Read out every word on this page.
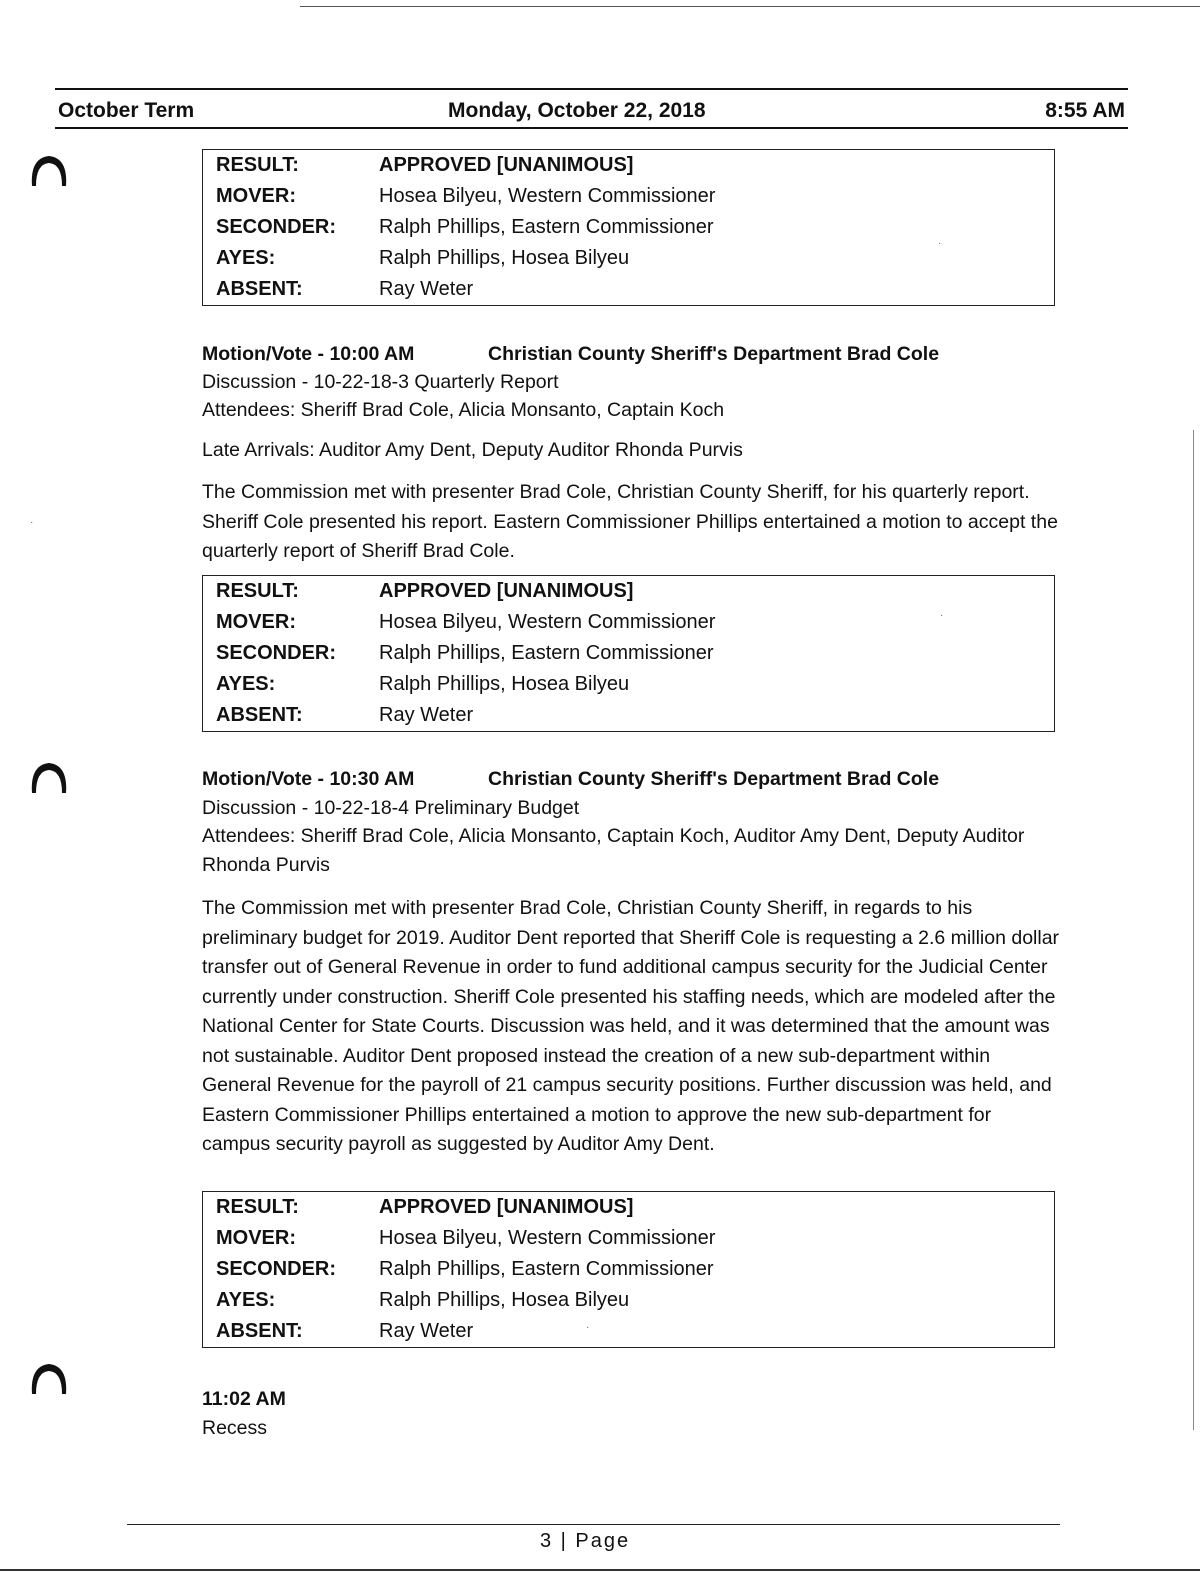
October Term	Monday, October 22, 2018	8:55 AM
RESULT:	APPROVED [UNANIMOUS]
MOVER:	Hosea Bilyeu, Western Commissioner
SECONDER: Ralph Phillips, Eastern Commissioner
AYES:	Ralph Phillips, Hosea Bilyeu
ABSENT:	Ray Weter
Motion/Vote - 10:00 AM	Christian County Sheriff's Department Brad Cole
Discussion - 10-22-18-3 Quarterly Report
Attendees: Sheriff Brad Cole, Alicia Monsanto, Captain Koch
Late Arrivals: Auditor Amy Dent, Deputy Auditor Rhonda Purvis
The Commission met with presenter Brad Cole, Christian County Sheriff, for his quarterly report. Sheriff Cole presented his report. Eastern Commissioner Phillips entertained a motion to accept the quarterly report of Sheriff Brad Cole.
RESULT:	APPROVED [UNANIMOUS]
MOVER:	Hosea Bilyeu, Western Commissioner
SECONDER: Ralph Phillips, Eastern Commissioner
AYES:	Ralph Phillips, Hosea Bilyeu
ABSENT:	Ray Weter
Motion/Vote - 10:30 AM	Christian County Sheriff's Department Brad Cole
Discussion - 10-22-18-4 Preliminary Budget
Attendees: Sheriff Brad Cole, Alicia Monsanto, Captain Koch, Auditor Amy Dent, Deputy Auditor Rhonda Purvis
The Commission met with presenter Brad Cole, Christian County Sheriff, in regards to his preliminary budget for 2019. Auditor Dent reported that Sheriff Cole is requesting a 2.6 million dollar transfer out of General Revenue in order to fund additional campus security for the Judicial Center currently under construction. Sheriff Cole presented his staffing needs, which are modeled after the National Center for State Courts. Discussion was held, and it was determined that the amount was not sustainable. Auditor Dent proposed instead the creation of a new sub-department within General Revenue for the payroll of 21 campus security positions. Further discussion was held, and Eastern Commissioner Phillips entertained a motion to approve the new sub-department for campus security payroll as suggested by Auditor Amy Dent.
RESULT:	APPROVED [UNANIMOUS]
MOVER:	Hosea Bilyeu, Western Commissioner
SECONDER: Ralph Phillips, Eastern Commissioner
AYES:	Ralph Phillips, Hosea Bilyeu
ABSENT:	Ray Weter
11:02 AM
Recess
·
·
·
·
3 | Page
